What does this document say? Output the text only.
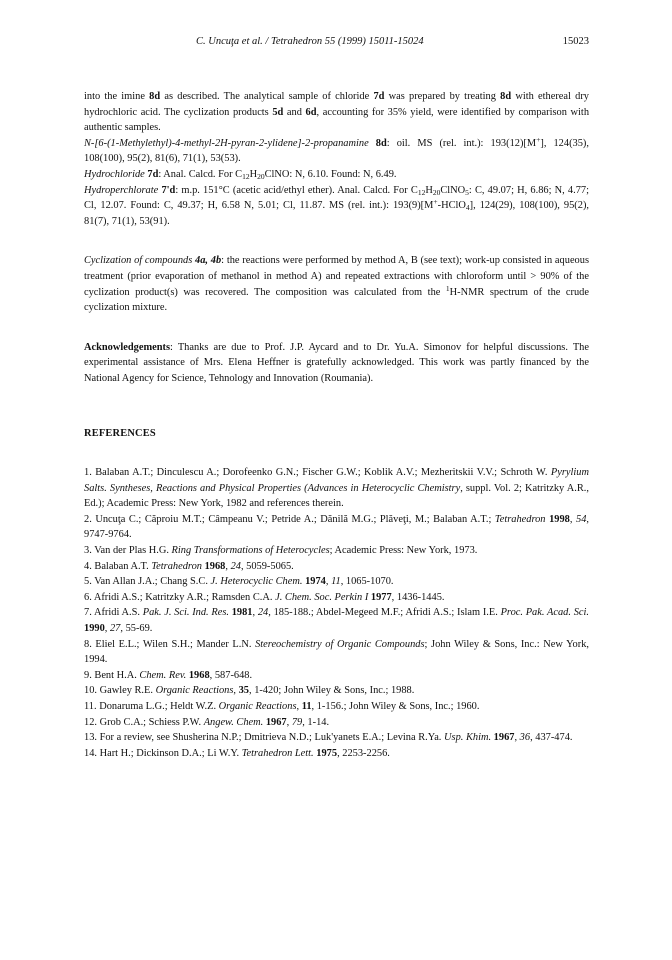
C. Uncuţa et al. / Tetrahedron 55 (1999) 15011-15024	15023

into the imine 8d as described. The analytical sample of chloride 7d was prepared by treating 8d with ethereal dry hydrochloric acid. The cyclization products 5d and 6d, accounting for 35% yield, were identified by comparison with authentic samples.

N-[6-(1-Methylethyl)-4-methyl-2H-pyran-2-ylidene]-2-propanamine 8d: oil. MS (rel. int.): 193(12)[M+], 124(35), 108(100), 95(2), 81(6), 71(1), 53(53).

Hydrochloride 7d: Anal. Calcd. For $C_{12}H_{20}ClNO$: N, 6.10. Found: N, 6.49.

Hydroperchlorate 7'd: m.p. 151°C (acetic acid/ethyl ether). Anal. Calcd. For $C_{12}H_{20}ClNO_5$: C, 49.07; H, 6.86; N, 4.77; Cl, 12.07. Found: C, 49.37; H, 6.58 N, 5.01; Cl, 11.87. MS (rel. int.): 193(9)[M+-HClO$_4$], 124(29), 108(100), 95(2), 81(7), 71(1), 53(91).

Cyclization of compounds 4a, 4b: the reactions were performed by method A, B (see text); work-up consisted in aqueous treatment (prior evaporation of methanol in method A) and repeated extractions with chloroform until > 90% of the cyclization product(s) was recovered. The composition was calculated from the $^1$H-NMR spectrum of the crude cyclization mixture.

Acknowledgements: Thanks are due to Prof. J.P. Aycard and to Dr. Yu.A. Simonov for helpful discussions. The experimental assistance of Mrs. Elena Heffner is gratefully acknowledged. This work was partly financed by the National Agency for Science, Tehnology and Innovation (Roumania).

REFERENCES

1. Balaban A.T.; Dinculescu A.; Dorofeenko G.N.; Fischer G.W.; Koblik A.V.; Mezheritskii V.V.; Schroth W. Pyrylium Salts. Syntheses, Reactions and Physical Properties (Advances in Heterocyclic Chemistry, suppl. Vol. 2; Katritzky A.R., Ed.); Academic Press: New York, 1982 and references therein.

2. Uncuţa C.; Căproiu M.T.; Câmpeanu V.; Petride A.; Dănilă M.G.; Plăveţi, M.; Balaban A.T.; Tetrahedron 1998, 54, 9747-9764.

3. Van der Plas H.G. Ring Transformations of Heterocycles; Academic Press: New York, 1973.

4. Balaban A.T. Tetrahedron 1968, 24, 5059-5065.

5. Van Allan J.A.; Chang S.C. J. Heterocyclic Chem. 1974, 11, 1065-1070.

6. Afridi A.S.; Katritzky A.R.; Ramsden C.A. J. Chem. Soc. Perkin I 1977, 1436-1445.

7. Afridi A.S. Pak. J. Sci. Ind. Res. 1981, 24, 185-188.; Abdel-Megeed M.F.; Afridi A.S.; Islam I.E. Proc. Pak. Acad. Sci. 1990, 27, 55-69.

8. Eliel E.L.; Wilen S.H.; Mander L.N. Stereochemistry of Organic Compounds; John Wiley & Sons, Inc.: New York, 1994.

9. Bent H.A. Chem. Rev. 1968, 587-648.

10. Gawley R.E. Organic Reactions, 35, 1-420; John Wiley & Sons, Inc.; 1988.

11. Donaruma L.G.; Heldt W.Z. Organic Reactions, 11, 1-156.; John Wiley & Sons, Inc.; 1960.

12. Grob C.A.; Schiess P.W. Angew. Chem. 1967, 79, 1-14.

13. For a review, see Shusherina N.P.; Dmitrieva N.D.; Luk'yanets E.A.; Levina R.Ya. Usp. Khim. 1967, 36, 437-474.

14. Hart H.; Dickinson D.A.; Li W.Y. Tetrahedron Lett. 1975, 2253-2256.
